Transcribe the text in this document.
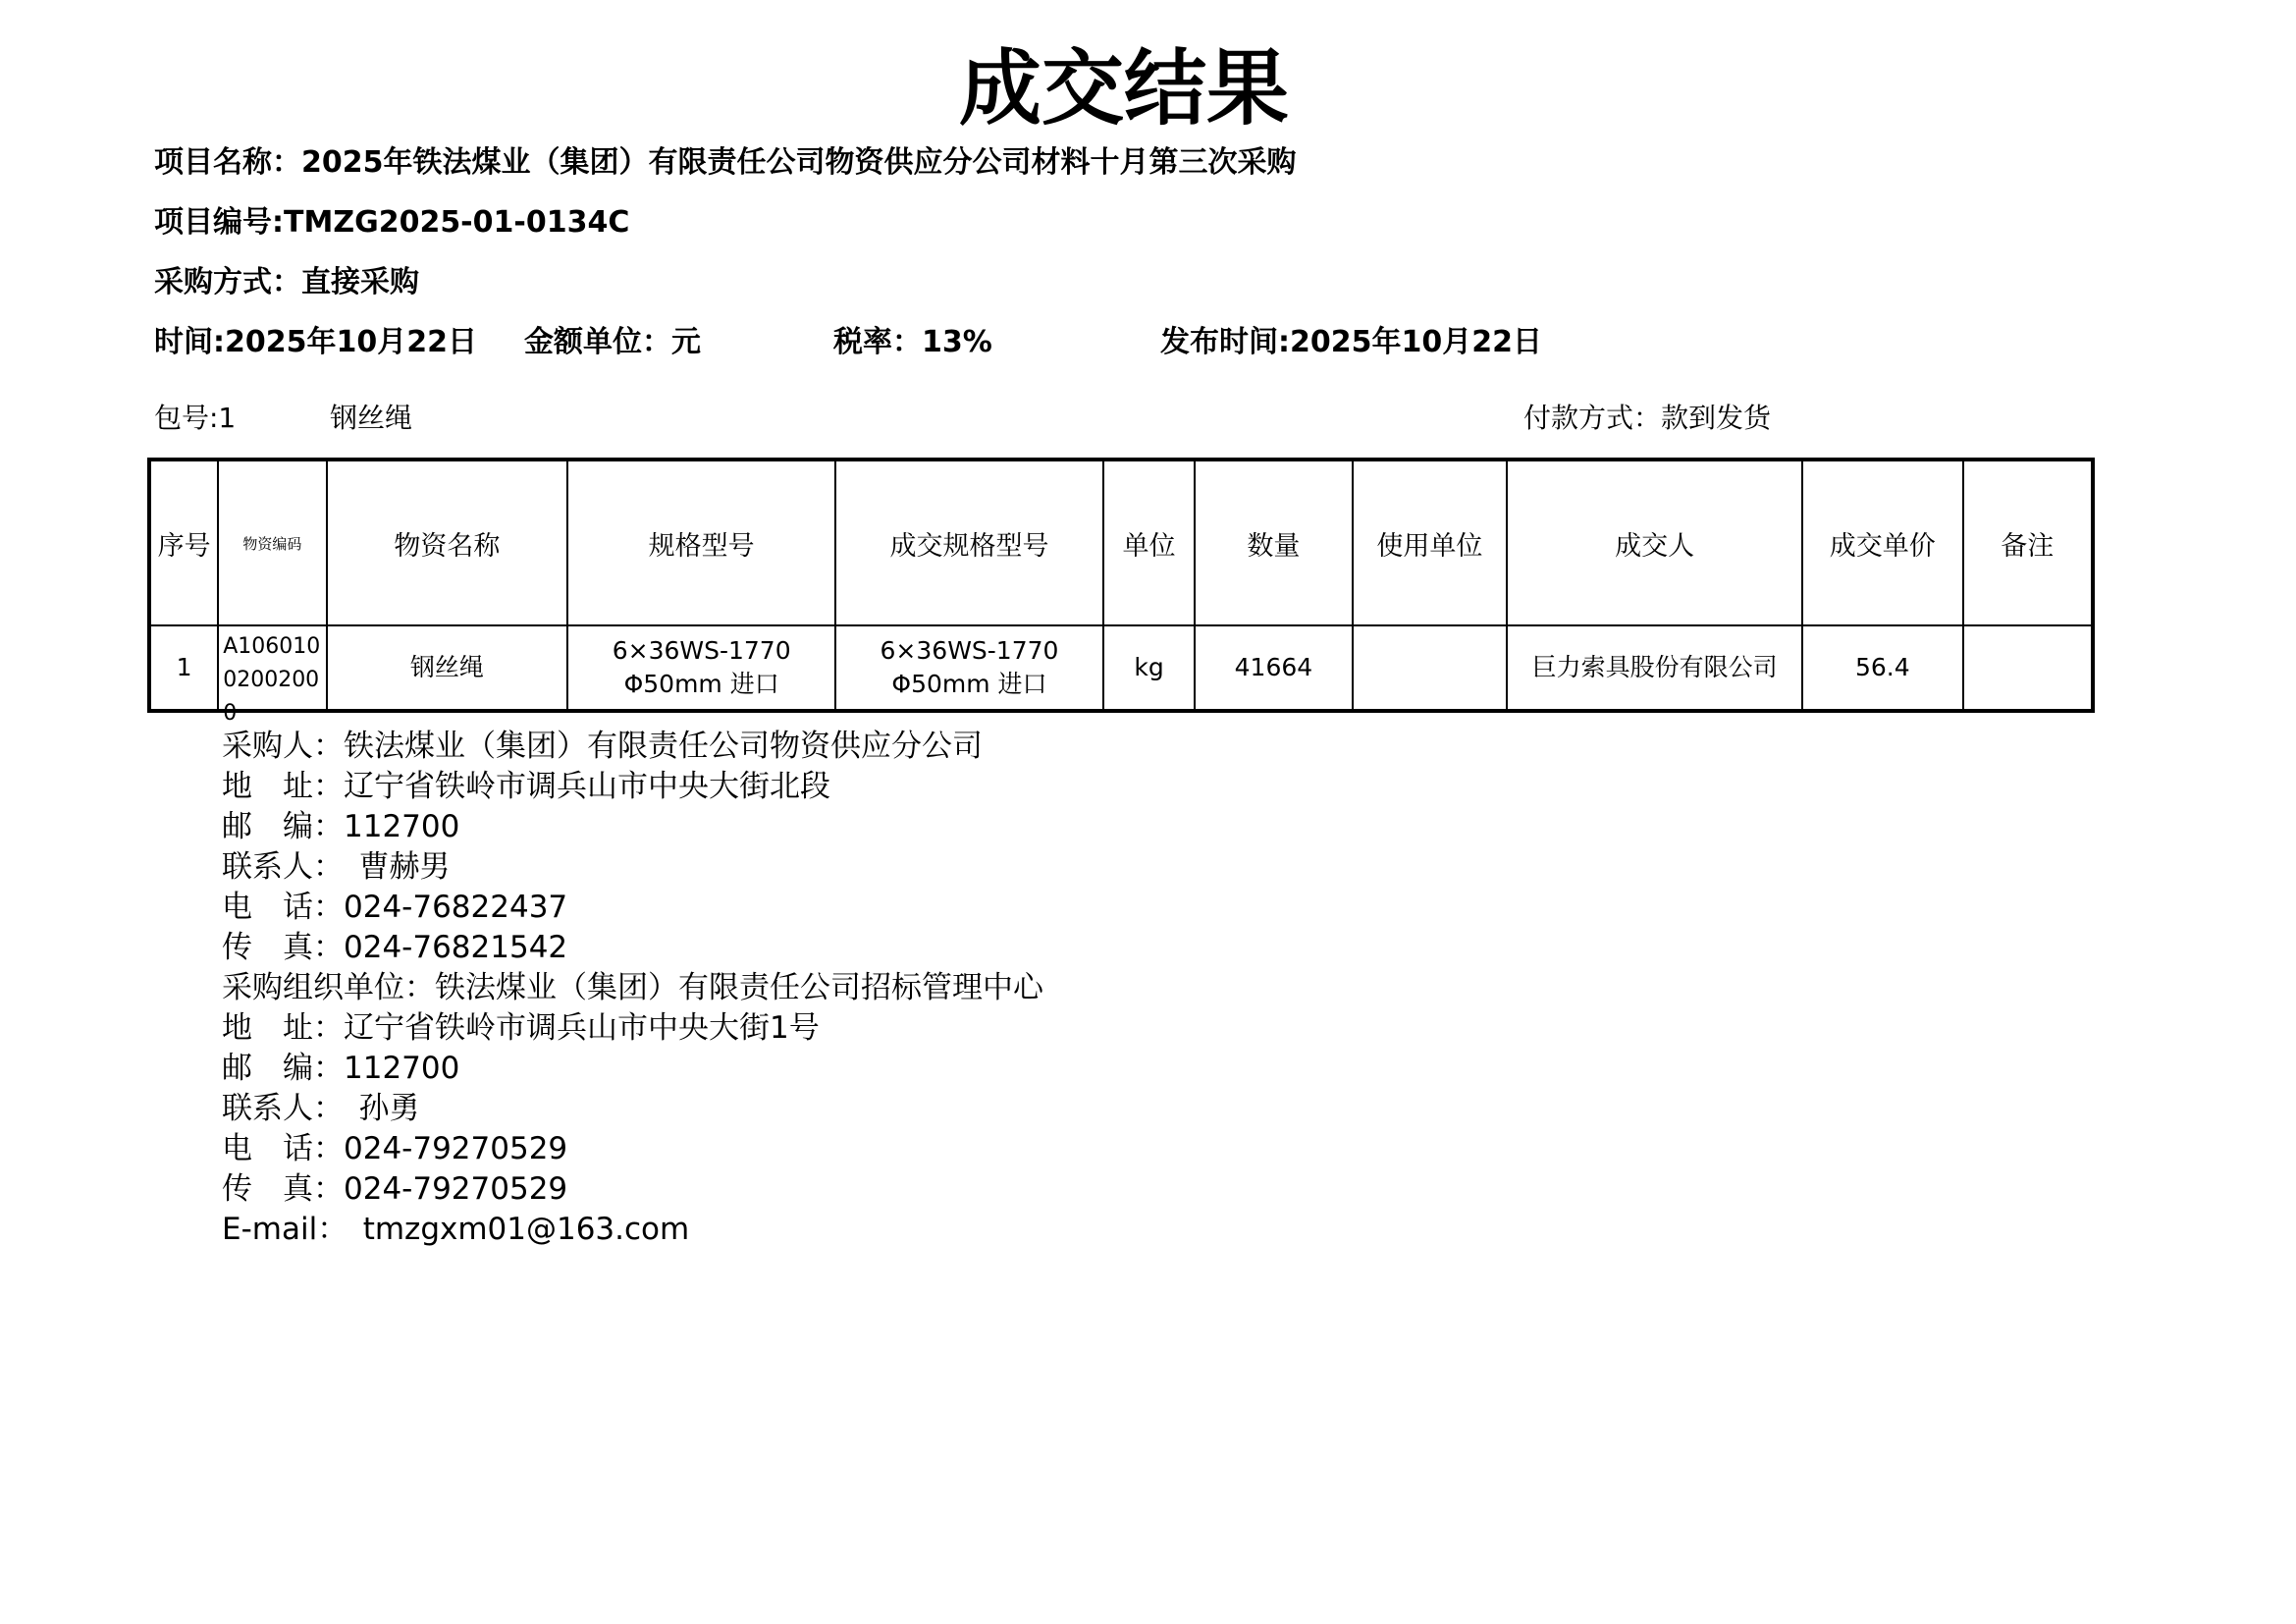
成交结果
项目名称：2025年铁法煤业（集团）有限责任公司物资供应分公司材料十月第三次采购
项目编号:TMZG2025-01-0134C
采购方式：直接采购
时间:2025年10月22日 金额单位：元	税率：13%	发布时间:2025年10月22日
包号:1	钢丝绳	付款方式：款到发货
序号	物资编码	物资名称	规格型号	成交规格型号	单位	数量	使用单位	成交人	成交单价	备注
1	A10601002002000	钢丝绳	6×36WS-1770 Φ50mm 进口	6×36WS-1770 Φ50mm 进口	kg	41664		巨力索具股份有限公司	56.4	
采购人：铁法煤业（集团）有限责任公司物资供应分公司
地　址：辽宁省铁岭市调兵山市中央大街北段
邮　编：112700
联系人：　曹赫男
电　话：024-76822437
传　真：024-76821542
采购组织单位：铁法煤业（集团）有限责任公司招标管理中心
地　址：辽宁省铁岭市调兵山市中央大街1号
邮　编：112700
联系人：　孙勇
电　话：024-79270529
传　真：024-79270529
E-mail：　tmzgxm01@163.com
